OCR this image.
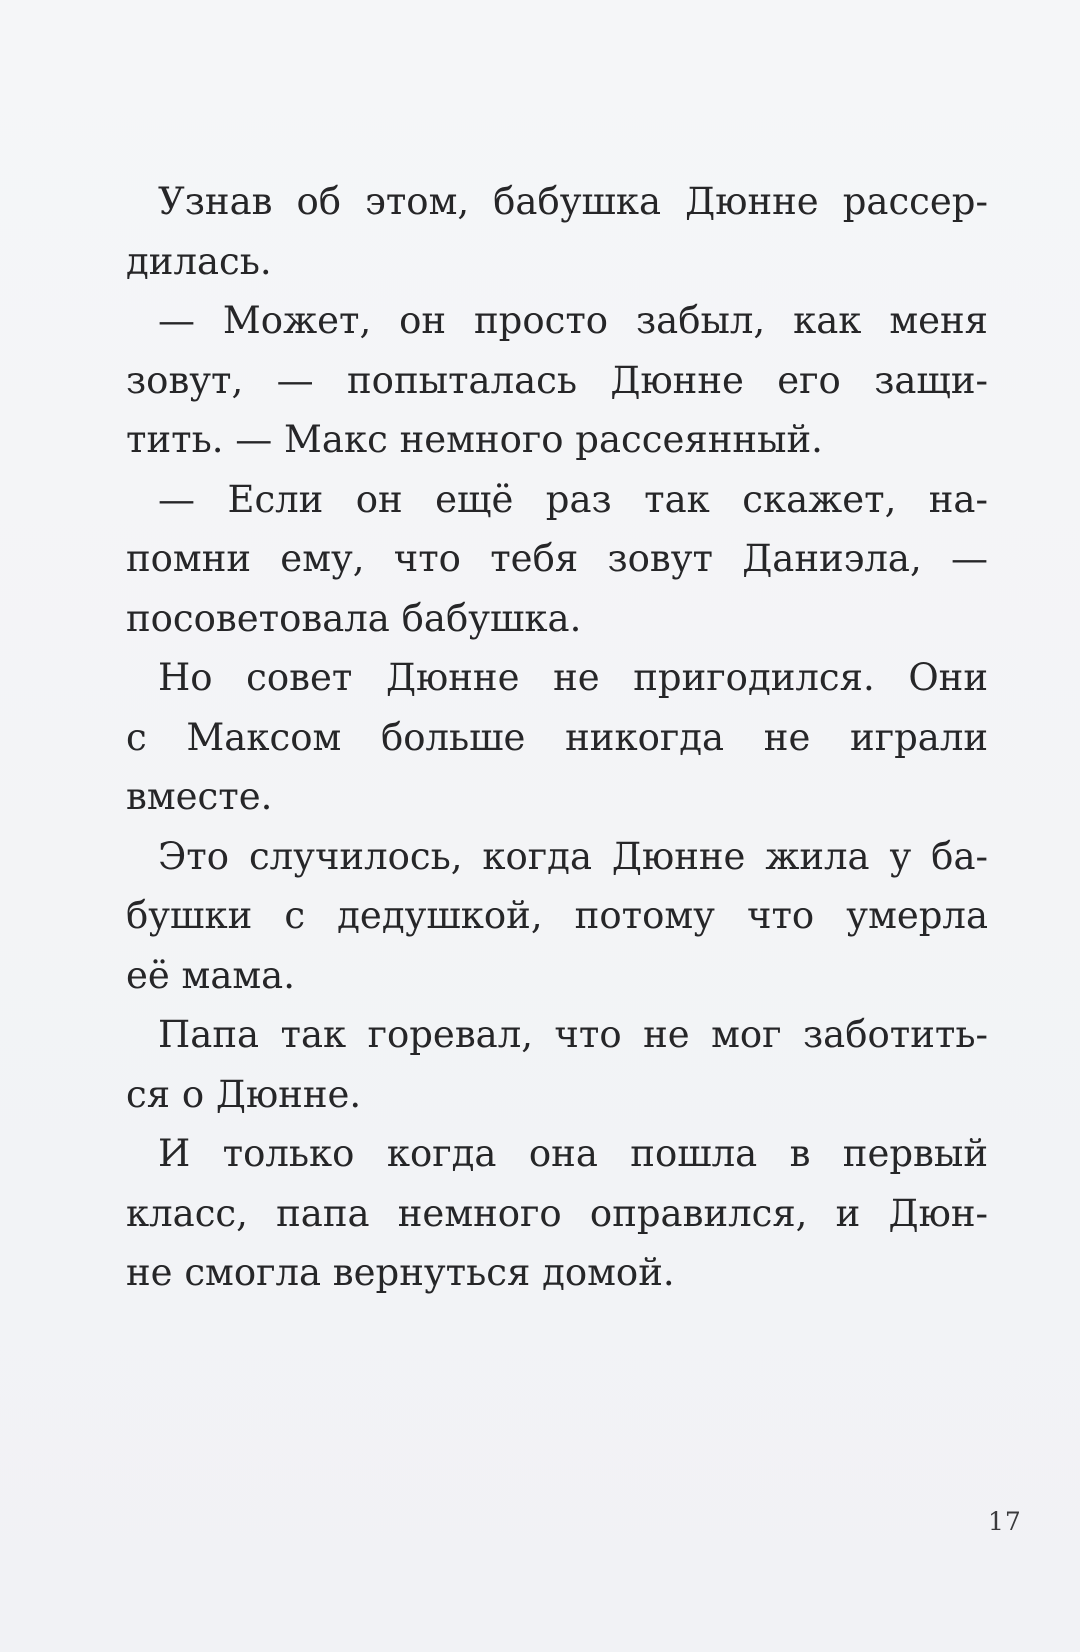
Узнав об этом, бабушка Дюнне рассер-
дилась.
— Может, он просто забыл, как меня
зовут, — попыталась Дюнне его защи-
тить. — Макс немного рассеянный.
— Если он ещё раз так скажет, на-
помни ему, что тебя зовут Даниэла, —
посоветовала бабушка.
Но совет Дюнне не пригодился. Они
с Максом больше никогда не играли
вместе.
Это случилось, когда Дюнне жила у ба-
бушки с дедушкой, потому что умерла
её мама.
Папа так горевал, что не мог заботить-
ся о Дюнне.
И только когда она пошла в первый
класс, папа немного оправился, и Дюн-
не смогла вернуться домой.
17
